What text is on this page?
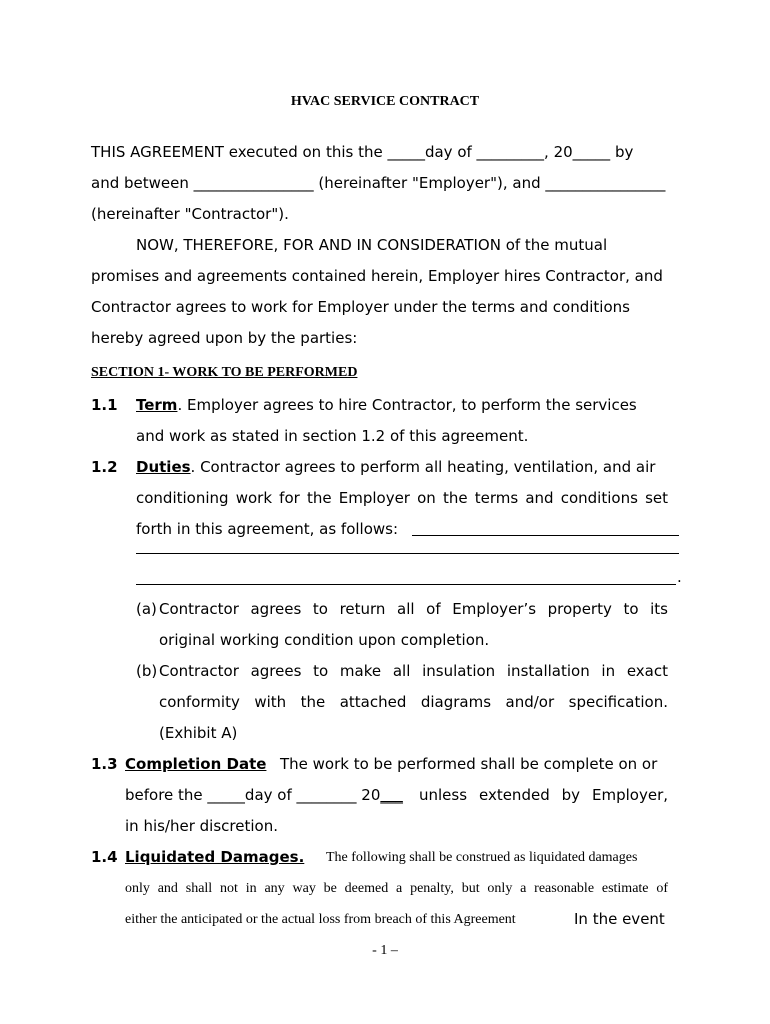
HVAC SERVICE CONTRACT
THIS AGREEMENT executed on this the _____day of _________, 20_____ by
and between ________________ (hereinafter "Employer"), and ________________
(hereinafter "Contractor").
NOW, THEREFORE, FOR AND IN CONSIDERATION of the mutual
promises and agreements contained herein, Employer hires Contractor, and
Contractor agrees to work for Employer under the terms and conditions
hereby agreed upon by the parties:
SECTION 1- WORK TO BE PERFORMED
1.1 Term. Employer agrees to hire Contractor, to perform the services
and work as stated in section 1.2 of this agreement.
1.2 Duties. Contractor agrees to perform all heating, ventilation, and air
conditioning work for the Employer on the terms and conditions set
forth in this agreement, as follows:
.
(a) Contractor agrees to return all of Employer’s property to its
original working condition upon completion.
(b) Contractor agrees to make all insulation installation in exact
conformity with the attached diagrams and/or specification.
(Exhibit A)
1.3 Completion Date The work to be performed shall be complete on or
before the _____day of ________ 20___ unless extended by Employer,
in his/her discretion.
1.4 Liquidated Damages. The following shall be construed as liquidated damages
only and shall not in any way be deemed a penalty, but only a reasonable estimate of
either the anticipated or the actual loss from breach of this Agreement	In the event
- 1 –
